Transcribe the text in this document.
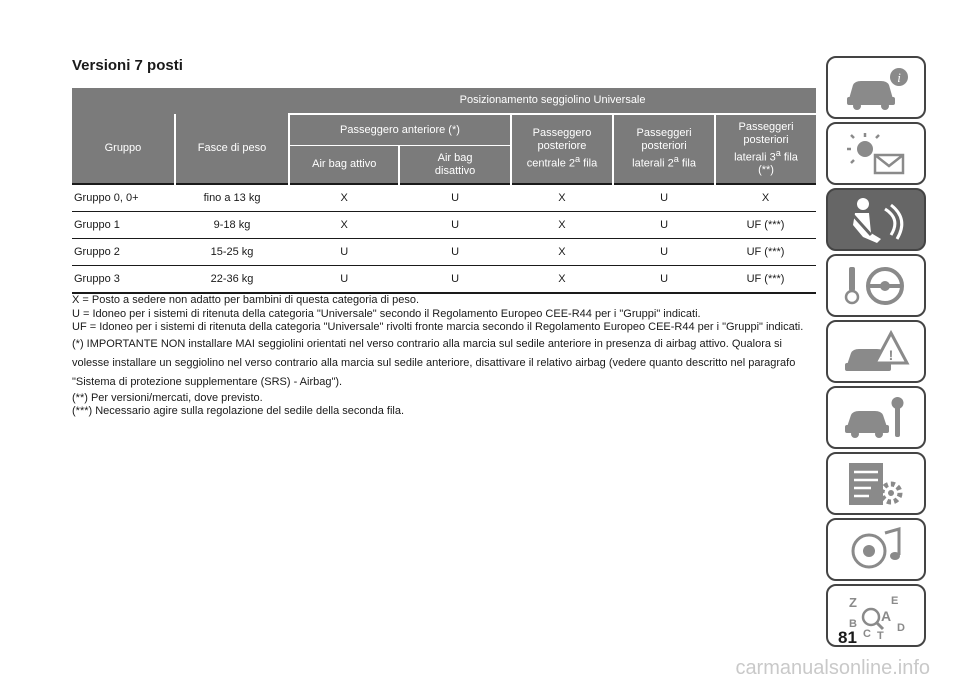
Versioni 7 posti
		Posizionamento seggiolino Universale				
Gruppo	Fasce di peso	Passeggero anteriore (*)		Passeggero
posteriore
centrale 2$^a$ fila	Passeggeri
posteriori
laterali 2$^a$ fila	Passeggeri
posteriori
laterali 3$^a$ fila
(**)
		Air bag attivo	Air bag
disattivo			
Gruppo 0, 0+	fino a 13 kg	X	U	X	U	X
Gruppo 1	9-18 kg	X	U	X	U	UF (***)
Gruppo 2	15-25 kg	U	U	X	U	UF (***)
Gruppo 3	22-36 kg	U	U	X	U	UF (***)

X = Posto a sedere non adatto per bambini di questa categoria di peso.

U = Idoneo per i sistemi di ritenuta della categoria "Universale" secondo il Regolamento Europeo CEE-R44 per i "Gruppi" indicati.

UF = Idoneo per i sistemi di ritenuta della categoria "Universale" rivolti fronte marcia secondo il Regolamento Europeo CEE-R44 per i "Gruppi" indicati.

(*) IMPORTANTE NON installare MAI seggiolini orientati nel verso contrario alla marcia sul sedile anteriore in presenza di airbag attivo. Qualora si volesse installare un seggiolino nel verso contrario alla marcia sul sedile anteriore, disattivare il relativo airbag (vedere quanto descritto nel paragrafo "Sistema di protezione supplementare (SRS) - Airbag").

(**) Per versioni/mercati, dove previsto.

(***) Necessario agire sulla regolazione del sedile della seconda fila.

i
!
Z	E
A
B
C T
D
81
carmanualsonline.info
